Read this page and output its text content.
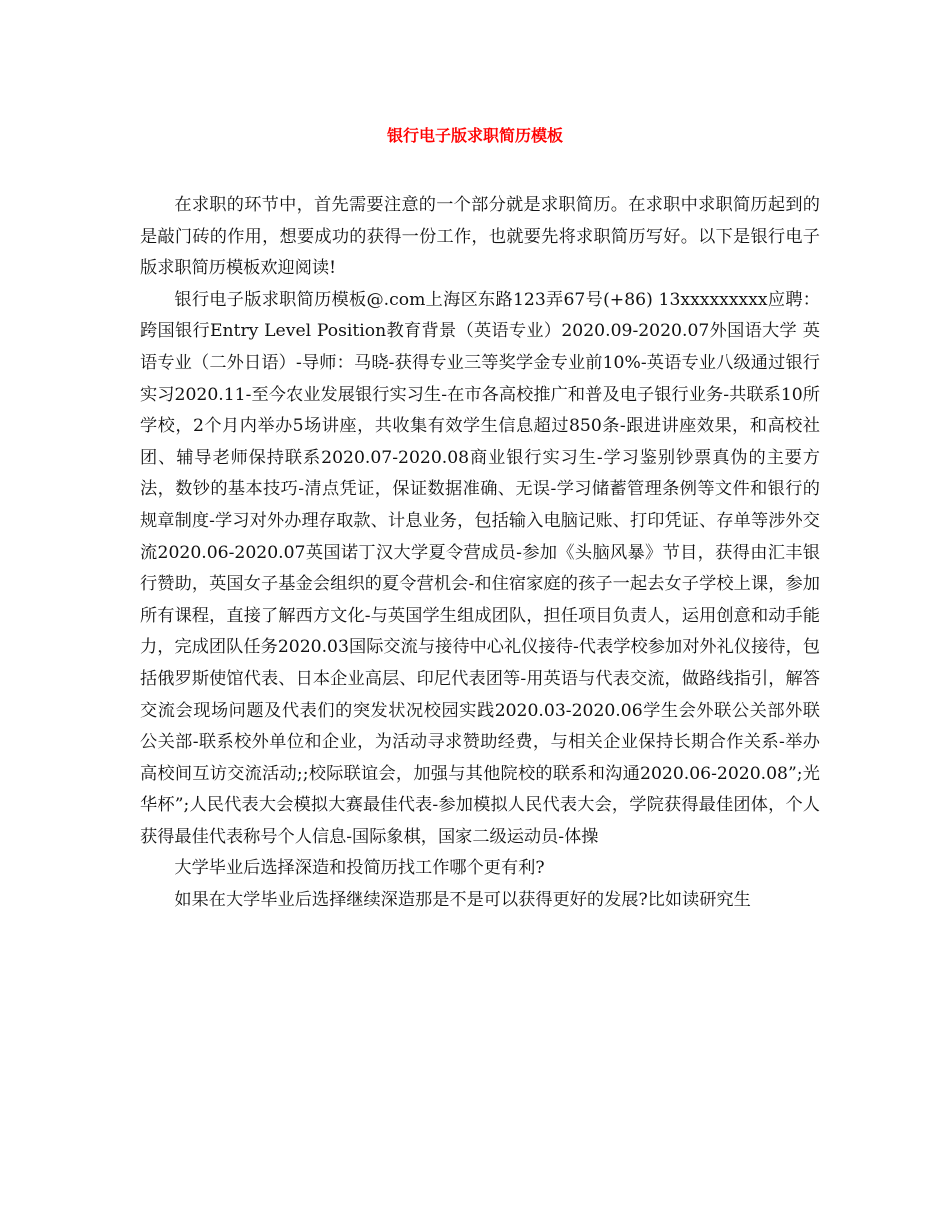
银行电子版求职简历模板

在求职的环节中，首先需要注意的一个部分就是求职简历。在求职中求职简历起到的是敲门砖的作用，想要成功的获得一份工作，也就要先将求职简历写好。以下是银行电子版求职简历模板欢迎阅读!

银行电子版求职简历模板@.com上海区东路123弄67号(+86) 13xxxxxxxxx应聘：跨国银行Entry Level Position教育背景（英语专业）2020.09-2020.07外国语大学 英语专业（二外日语）-导师：马晓-获得专业三等奖学金专业前10%-英语专业八级通过银行实习2020.11-至今农业发展银行实习生-在市各高校推广和普及电子银行业务-共联系10所学校，2个月内举办5场讲座，共收集有效学生信息超过850条-跟进讲座效果，和高校社团、辅导老师保持联系2020.07-2020.08商业银行实习生-学习鉴别钞票真伪的主要方法，数钞的基本技巧-清点凭证，保证数据准确、无误-学习储蓄管理条例等文件和银行的规章制度-学习对外办理存取款、计息业务，包括输入电脑记账、打印凭证、存单等涉外交流2020.06-2020.07英国诺丁汉大学夏令营成员-参加《头脑风暴》节目，获得由汇丰银行赞助，英国女子基金会组织的夏令营机会-和住宿家庭的孩子一起去女子学校上课，参加所有课程，直接了解西方文化-与英国学生组成团队，担任项目负责人，运用创意和动手能力，完成团队任务2020.03国际交流与接待中心礼仪接待-代表学校参加对外礼仪接待，包括俄罗斯使馆代表、日本企业高层、印尼代表团等-用英语与代表交流，做路线指引，解答交流会现场问题及代表们的突发状况校园实践2020.03-2020.06学生会外联公关部外联公关部-联系校外单位和企业，为活动寻求赞助经费，与相关企业保持长期合作关系-举办高校间互访交流活动;;校际联谊会，加强与其他院校的联系和沟通2020.06-2020.08”;光华杯”;人民代表大会模拟大赛最佳代表-参加模拟人民代表大会，学院获得最佳团体，个人获得最佳代表称号个人信息-国际象棋，国家二级运动员-体操

大学毕业后选择深造和投简历找工作哪个更有利?

如果在大学毕业后选择继续深造那是不是可以获得更好的发展?比如读研究生
